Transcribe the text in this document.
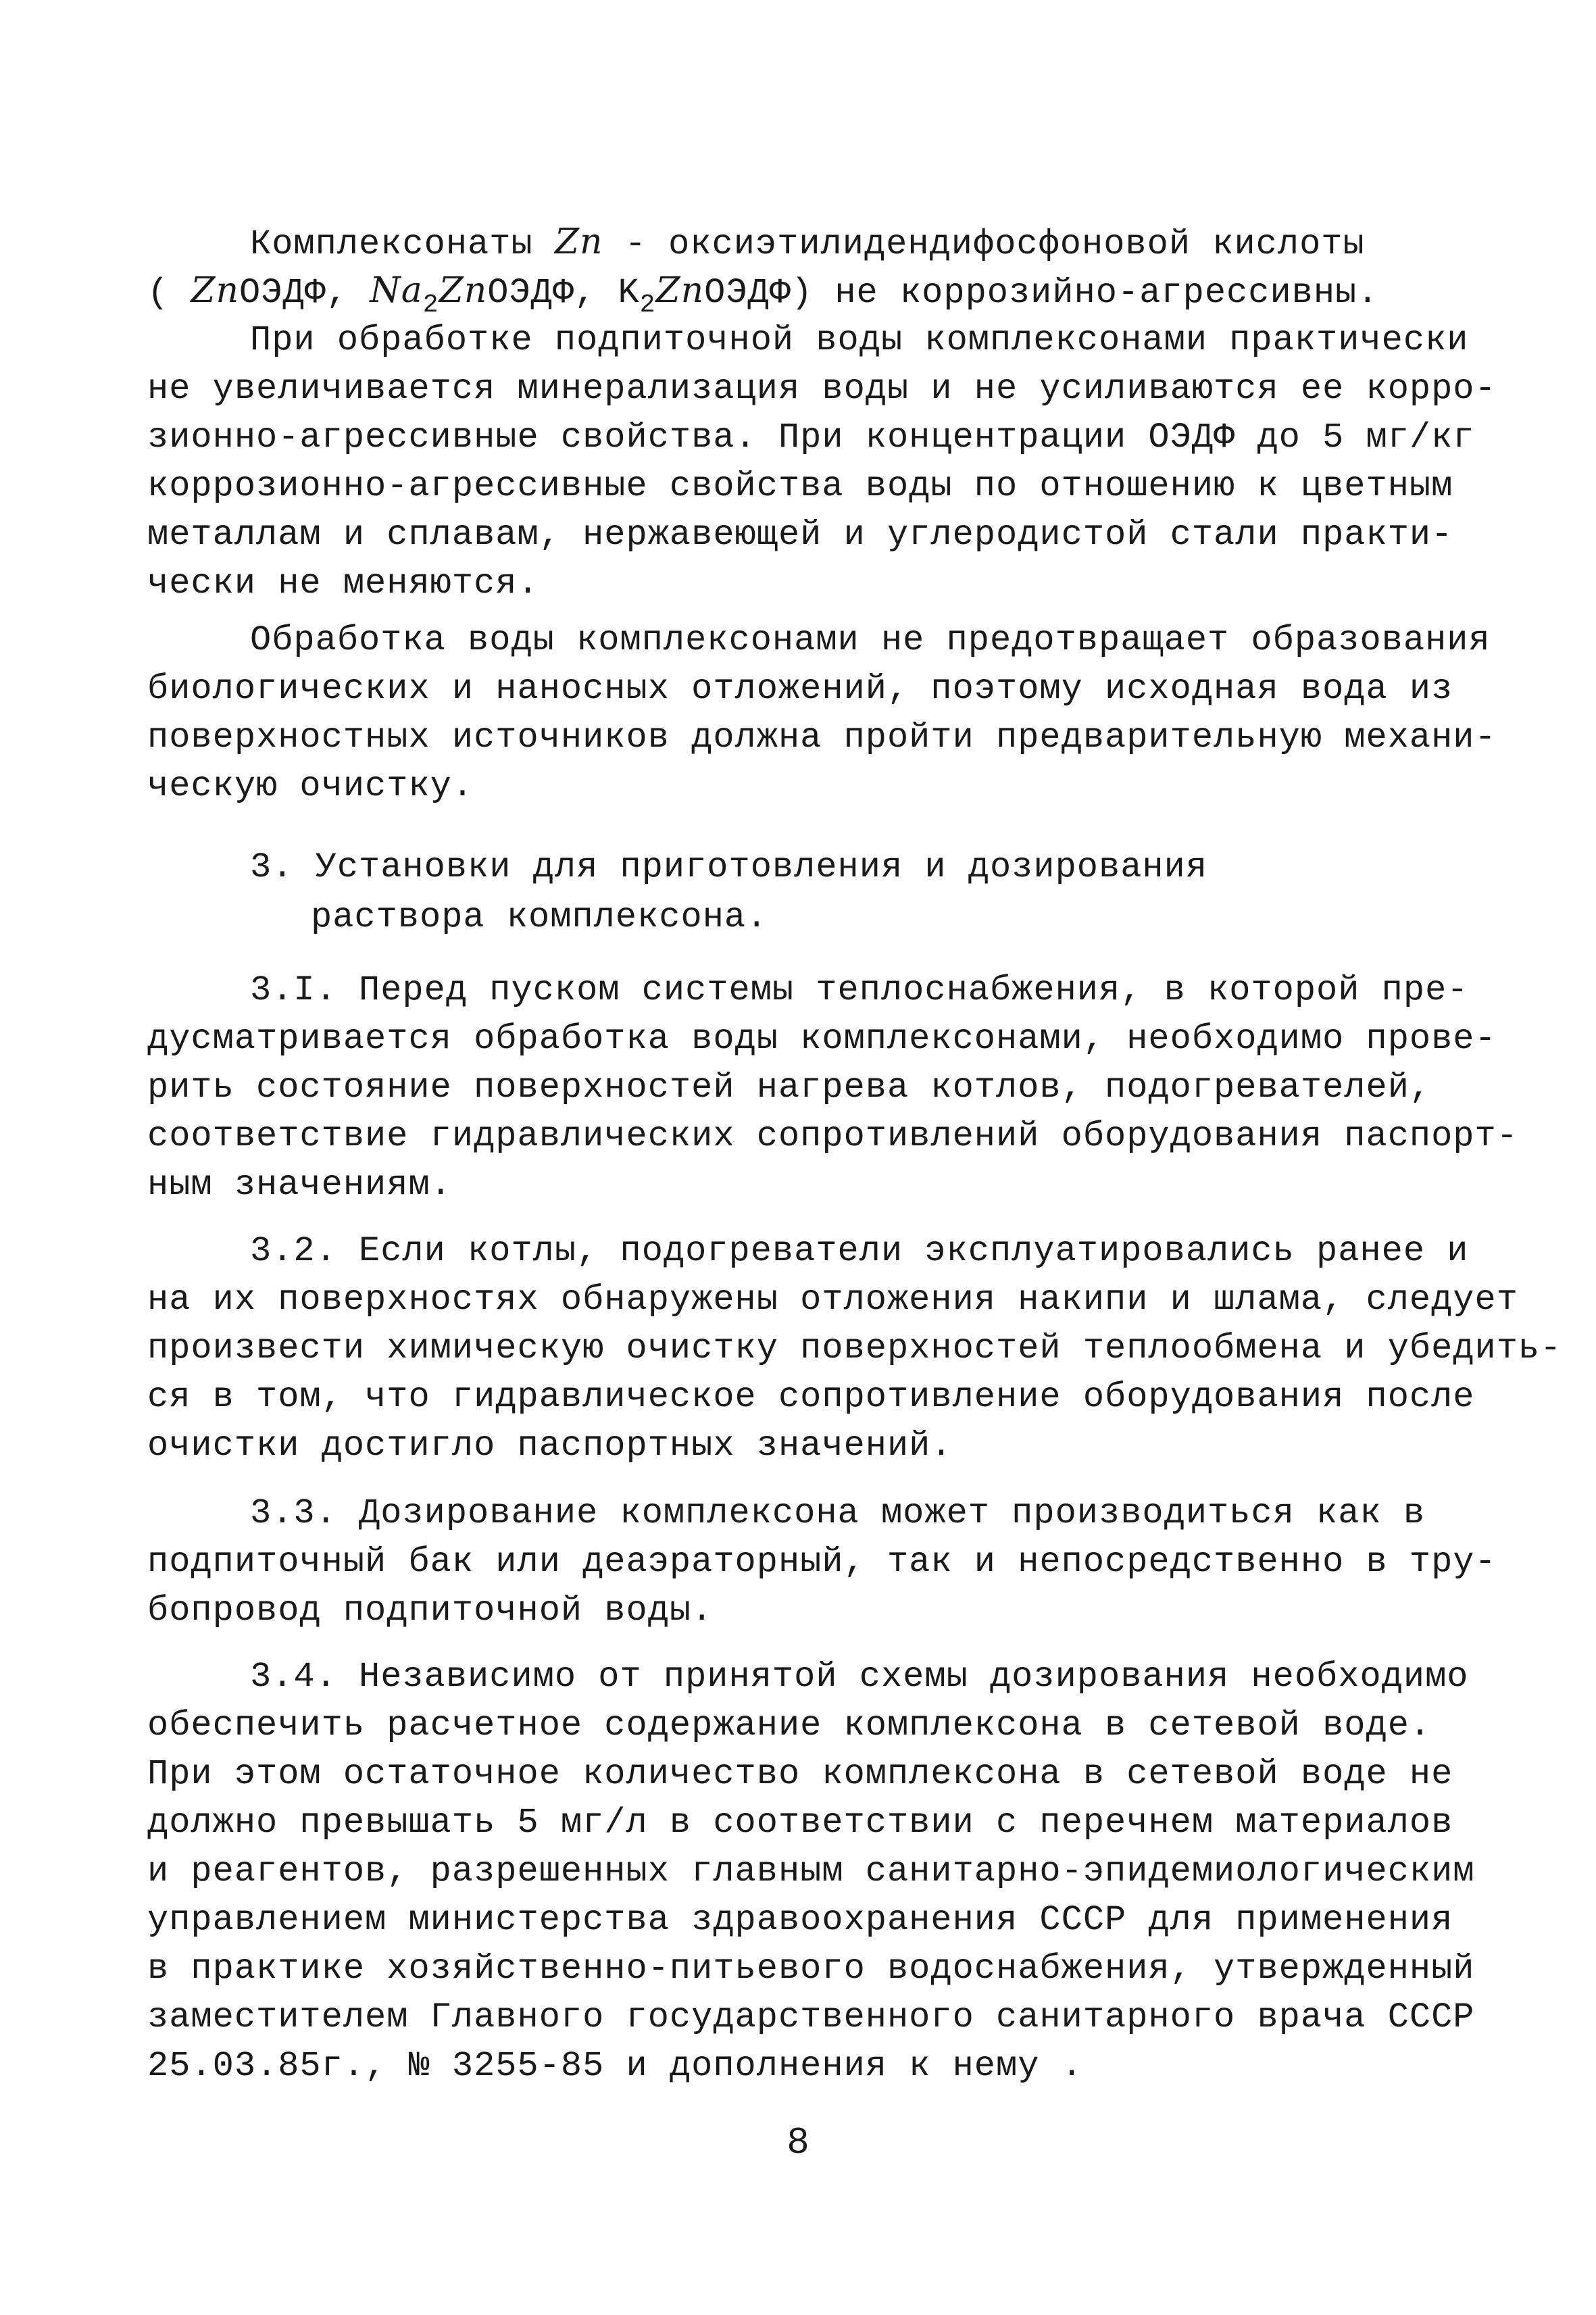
Комплексонаты Zn - оксиэтилидендифосфоновой кислоты
( ZnОЭДФ, $Na_2ZnОЭДФ$, $K_2ZnОЭДФ$) не коррозийно-агрессивны.
При обработке подпиточной воды комплексонами практически
не увеличивается минерализация воды и не усиливаются ее корро-
зионно-агрессивные свойства. При концентрации ОЭДФ до 5 мг/кг
коррозионно-агрессивные свойства воды по отношению к цветным
металлам и сплавам, нержавеющей и углеродистой стали практи-
чески не меняются.
Обработка воды комплексонами не предотвращает образования
биологических и наносных отложений, поэтому исходная вода из
поверхностных источников должна пройти предварительную механи-
ческую очистку.
3. Установки для приготовления и дозирования
раствора комплексона.
3.I. Перед пуском системы теплоснабжения, в которой пре-
дусматривается обработка воды комплексонами, необходимо прове-
рить состояние поверхностей нагрева котлов, подогревателей,
соответствие гидравлических сопротивлений оборудования паспорт-
ным значениям.
3.2. Если котлы, подогреватели эксплуатировались ранее и
на их поверхностях обнаружены отложения накипи и шлама, следует
произвести химическую очистку поверхностей теплообмена и убедить-
ся в том, что гидравлическое сопротивление оборудования после
очистки достигло паспортных значений.
3.3. Дозирование комплексона может производиться как в
подпиточный бак или деаэраторный, так и непосредственно в тру-
бопровод подпиточной воды.
3.4. Независимо от принятой схемы дозирования необходимо
обеспечить расчетное содержание комплексона в сетевой воде.
При этом остаточное количество комплексона в сетевой воде не
должно превышать 5 мг/л в соответствии с перечнем материалов
и реагентов, разрешенных главным санитарно-эпидемиологическим
управлением министерства здравоохранения СССР для применения
в практике хозяйственно-питьевого водоснабжения, утвержденный
заместителем Главного государственного санитарного врача СССР
25.03.85г., № 3255-85 и дополнения к нему .
8
